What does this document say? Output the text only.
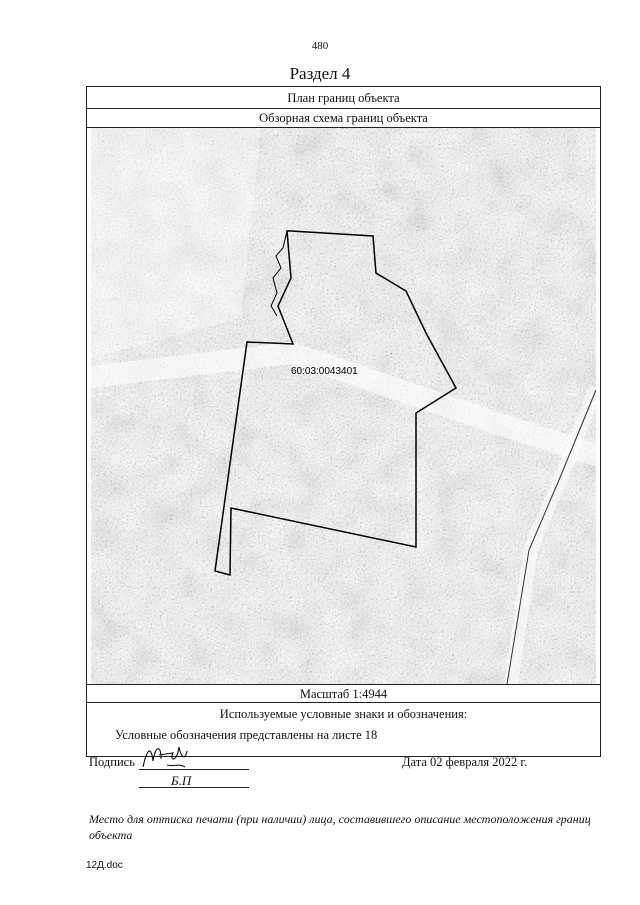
480
Раздел 4
План границ объекта
Обзорная схема границ объекта
60:03:0043401
Масштаб 1:4944
Используемые условные знаки и обозначения:
Условные обозначения представлены на листе 18
Подпись
Б.П
Дата 02 февраля 2022 г.
Место для оттиска печати (при наличии) лица, составившего описание местоположения границ объекта
12Д.doc
